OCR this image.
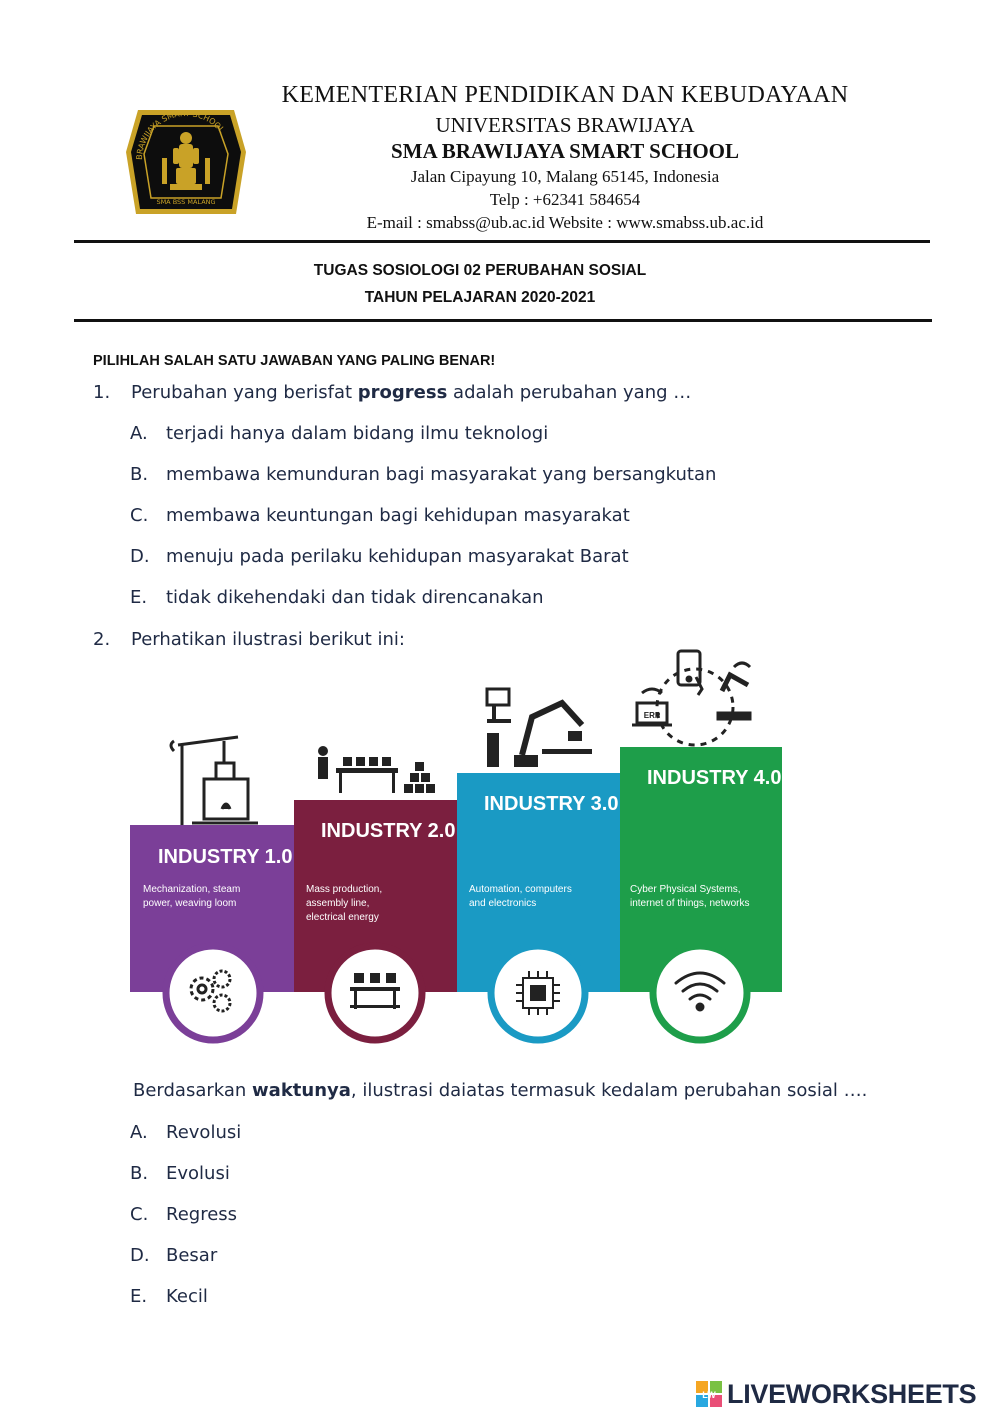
BRAWIJAYA SMART SCHOOL
SMA BSS MALANG
KEMENTERIAN PENDIDIKAN DAN KEBUDAYAAN
UNIVERSITAS BRAWIJAYA
SMA BRAWIJAYA SMART SCHOOL
Jalan Cipayung 10, Malang 65145, Indonesia
Telp : +62341 584654
E-mail : smabss@ub.ac.id Website : www.smabss.ub.ac.id
TUGAS SOSIOLOGI 02 PERUBAHAN SOSIAL
TAHUN PELAJARAN 2020-2021
PILIHLAH SALAH SATU JAWABAN YANG PALING BENAR!
1. Perubahan yang berisfat progress adalah perubahan yang …
A. terjadi hanya dalam bidang ilmu teknologi
B. membawa kemunduran bagi masyarakat yang bersangkutan
C. membawa keuntungan bagi kehidupan masyarakat
D. menuju pada perilaku kehidupan masyarakat Barat
E. tidak dikehendaki dan tidak direncanakan
2. Perhatikan ilustrasi berikut ini:
INDUSTRY 1.0
INDUSTRY 2.0
INDUSTRY 3.0
INDUSTRY 4.0
Mechanization, steam
power, weaving loom
Mass production,
assembly line,
electrical energy
Automation, computers
and electronics
Cyber Physical Systems,
internet of things, networks
ERP
Berdasarkan waktunya, ilustrasi daiatas termasuk kedalam perubahan sosial ….
A. Revolusi
B. Evolusi
C. Regress
D. Besar
E. Kecil
LW LIVEWORKSHEETS
